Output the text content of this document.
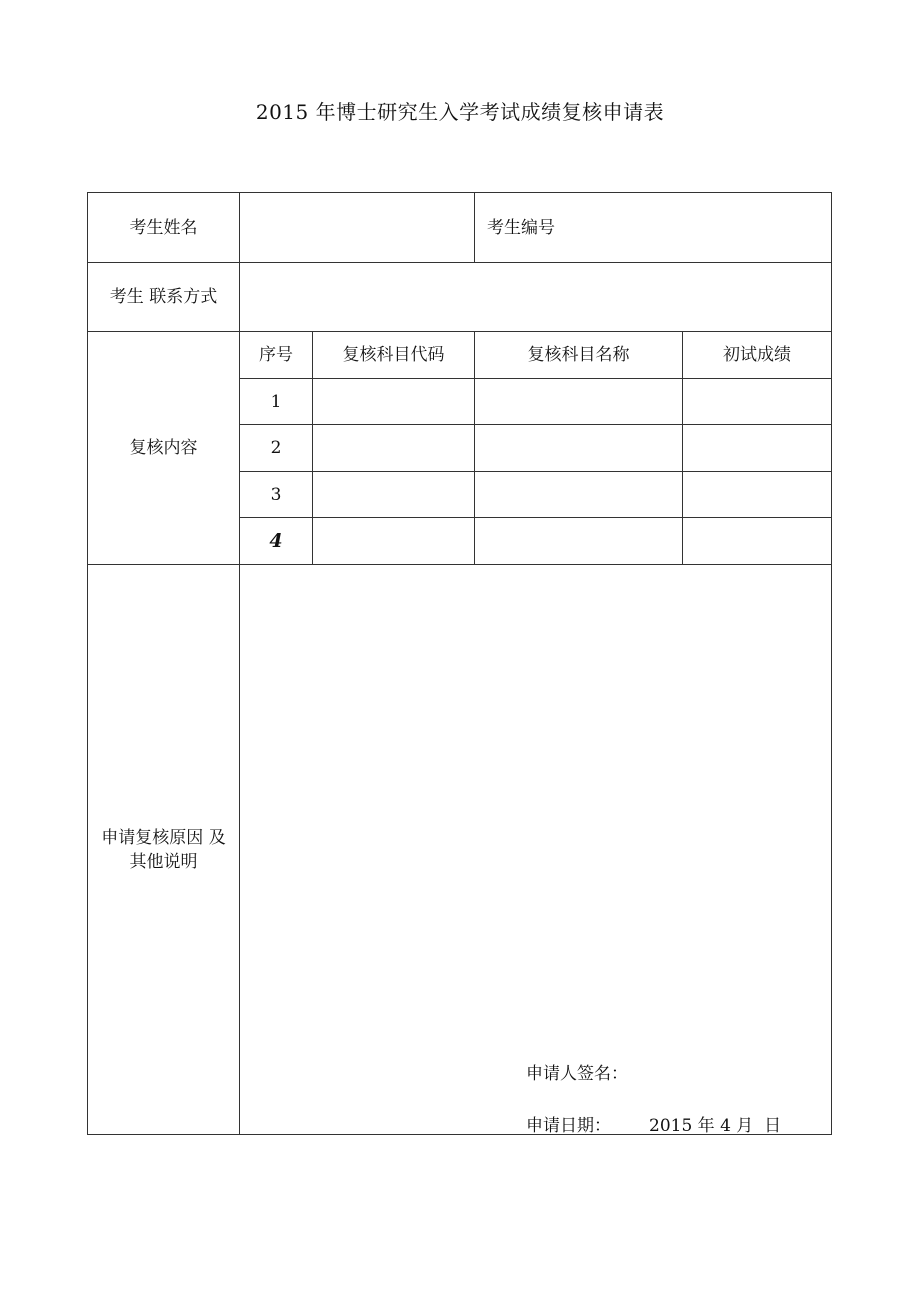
2015 年博士研究生入学考试成绩复核申请表
考生姓名	考生编号
考生 联系方式
复核内容
序号	复核科目代码	复核科目名称	初试成绩
1
2
3
4
申请复核原因 及
其他说明
申请人签名：
申请日期： 2015 年 4 月  日
